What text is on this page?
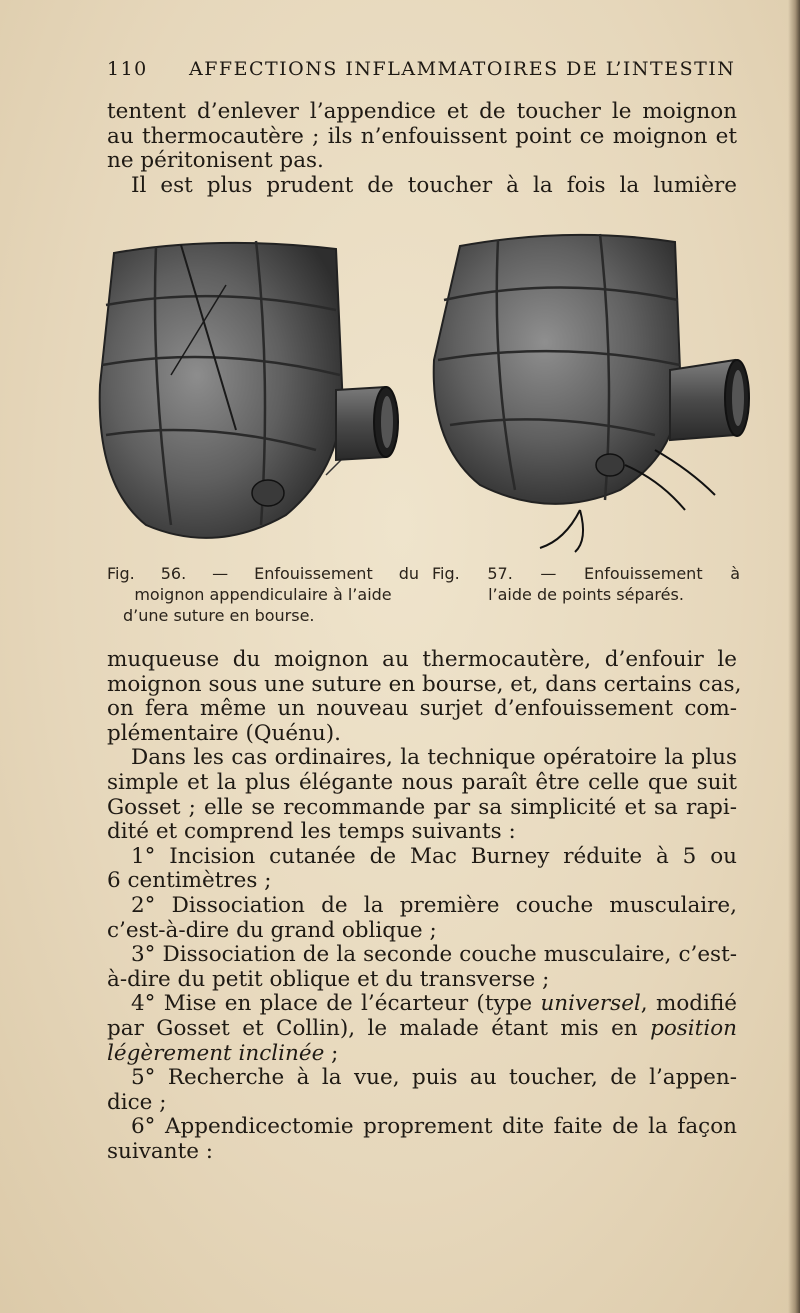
110 AFFECTIONS INFLAMMATOIRES DE L’INTESTIN
tentent d’enlever l’appendice et de toucher le moignon
au thermocautère ; ils n’enfouissent point ce moignon et
ne péritonisent pas.
Il est plus prudent de toucher à la fois la lumière
Fig. 56. — Enfouissement du
moignon appendiculaire à l’aide
d’une suture en bourse.
Fig. 57. — Enfouissement à
l’aide de points séparés.
muqueuse du moignon au thermocautère, d’enfouir le
moignon sous une suture en bourse, et, dans certains cas,
on fera même un nouveau surjet d’enfouissement com-
plémentaire (Quénu).
Dans les cas ordinaires, la technique opératoire la plus
simple et la plus élégante nous paraît être celle que suit
Gosset ; elle se recommande par sa simplicité et sa rapi-
dité et comprend les temps suivants :
1° Incision cutanée de Mac Burney réduite à 5 ou
6 centimètres ;
2° Dissociation de la première couche musculaire,
c’est-à-dire du grand oblique ;
3° Dissociation de la seconde couche musculaire, c’est-
à-dire du petit oblique et du transverse ;
4° Mise en place de l’écarteur (type universel, modifié
par Gosset et Collin), le malade étant mis en position
légèrement inclinée ;
5° Recherche à la vue, puis au toucher, de l’appen-
dice ;
6° Appendicectomie proprement dite faite de la façon
suivante :
